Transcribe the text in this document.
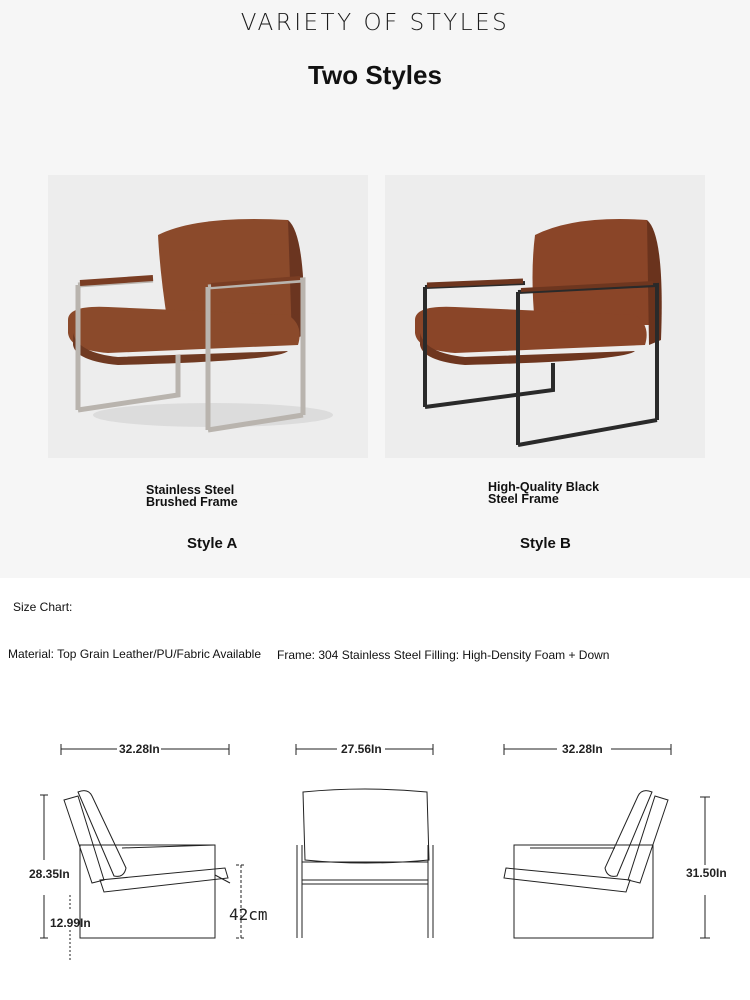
VARIETY OF STYLES
Two Styles
Stainless Steel
Brushed Frame
High-Quality Black
Steel Frame
Style A	Style B
Size Chart:
Material: Top Grain Leather/PU/Fabric Available Frame: 304 Stainless Steel Filling: High-Density Foam + Down
32.28In	27.56In	32.28In
28.35In
12.99In	42cm
31.50In
